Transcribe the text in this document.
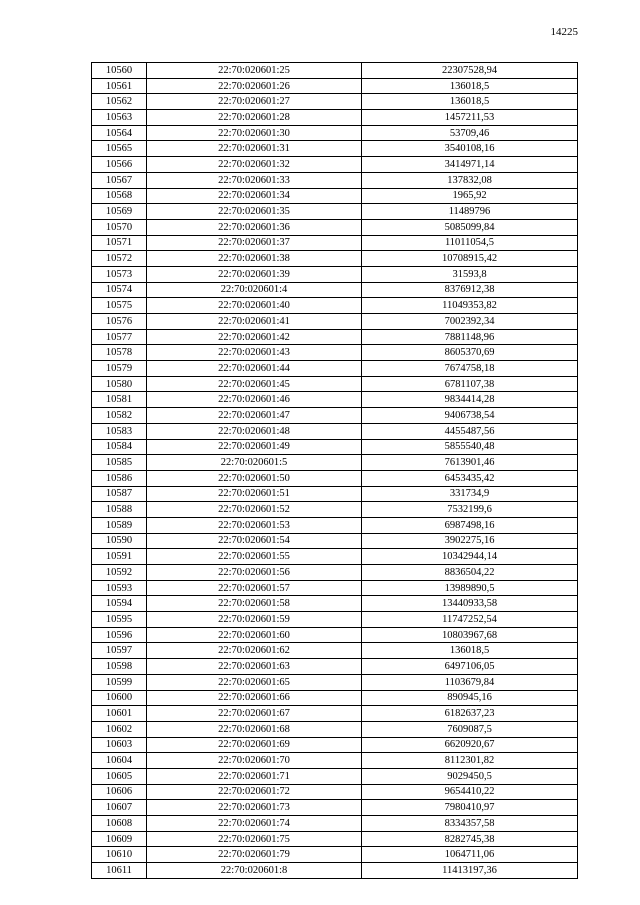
14225
10560	22:70:020601:25	22307528,94
10561	22:70:020601:26	136018,5
10562	22:70:020601:27	136018,5
10563	22:70:020601:28	1457211,53
10564	22:70:020601:30	53709,46
10565	22:70:020601:31	3540108,16
10566	22:70:020601:32	3414971,14
10567	22:70:020601:33	137832,08
10568	22:70:020601:34	1965,92
10569	22:70:020601:35	11489796
10570	22:70:020601:36	5085099,84
10571	22:70:020601:37	11011054,5
10572	22:70:020601:38	10708915,42
10573	22:70:020601:39	31593,8
10574	22:70:020601:4	8376912,38
10575	22:70:020601:40	11049353,82
10576	22:70:020601:41	7002392,34
10577	22:70:020601:42	7881148,96
10578	22:70:020601:43	8605370,69
10579	22:70:020601:44	7674758,18
10580	22:70:020601:45	6781107,38
10581	22:70:020601:46	9834414,28
10582	22:70:020601:47	9406738,54
10583	22:70:020601:48	4455487,56
10584	22:70:020601:49	5855540,48
10585	22:70:020601:5	7613901,46
10586	22:70:020601:50	6453435,42
10587	22:70:020601:51	331734,9
10588	22:70:020601:52	7532199,6
10589	22:70:020601:53	6987498,16
10590	22:70:020601:54	3902275,16
10591	22:70:020601:55	10342944,14
10592	22:70:020601:56	8836504,22
10593	22:70:020601:57	13989890,5
10594	22:70:020601:58	13440933,58
10595	22:70:020601:59	11747252,54
10596	22:70:020601:60	10803967,68
10597	22:70:020601:62	136018,5
10598	22:70:020601:63	6497106,05
10599	22:70:020601:65	1103679,84
10600	22:70:020601:66	890945,16
10601	22:70:020601:67	6182637,23
10602	22:70:020601:68	7609087,5
10603	22:70:020601:69	6620920,67
10604	22:70:020601:70	8112301,82
10605	22:70:020601:71	9029450,5
10606	22:70:020601:72	9654410,22
10607	22:70:020601:73	7980410,97
10608	22:70:020601:74	8334357,58
10609	22:70:020601:75	8282745,38
10610	22:70:020601:79	1064711,06
10611	22:70:020601:8	11413197,36
